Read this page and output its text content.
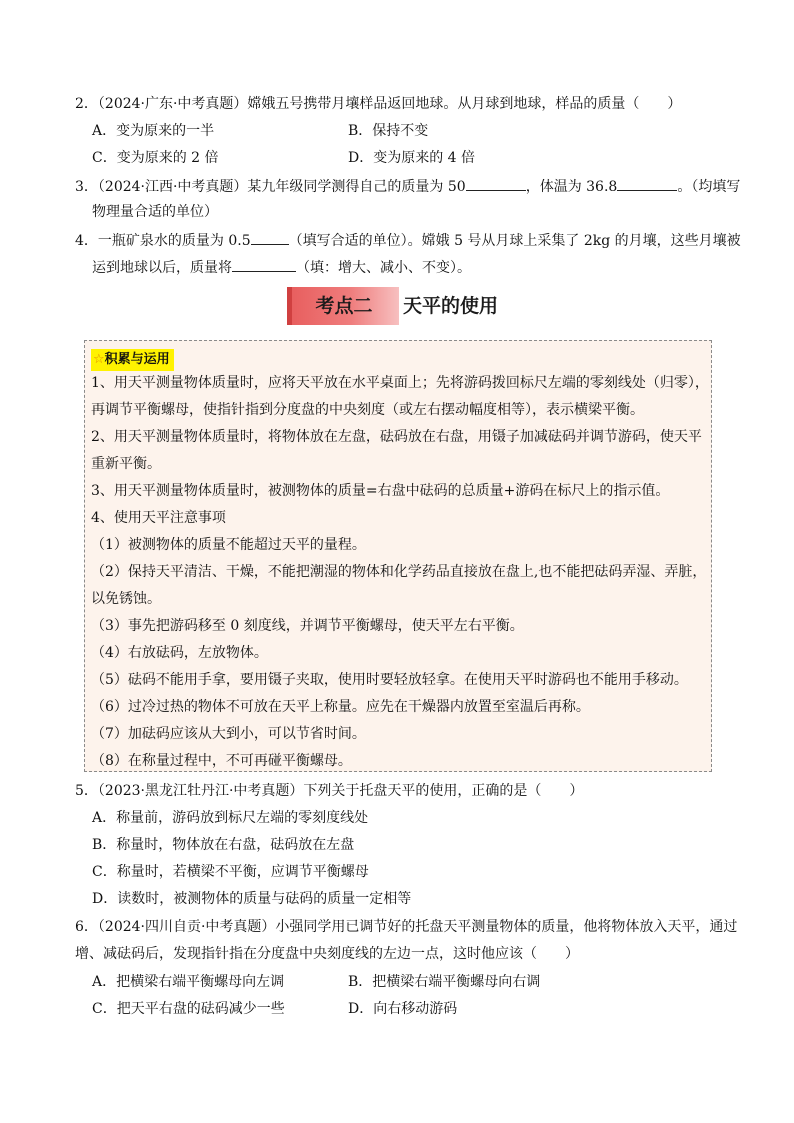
2．（2024·广东·中考真题）嫦娥五号携带月壤样品返回地球。从月球到地球，样品的质量（　　）
A．变为原来的一半	B．保持不变
C．变为原来的 2 倍	D．变为原来的 4 倍
3．（2024·江西·中考真题）某九年级同学测得自己的质量为 50	，体温为 36.8	。（均填写
物理量合适的单位）
4．一瓶矿泉水的质量为 0.5	（填写合适的单位）。嫦娥 5 号从月球上采集了 2kg 的月壤，这些月壤被
运到地球以后，质量将	（填：增大、减小、不变）。
考点二	天平的使用
☆积累与运用
1、用天平测量物体质量时，应将天平放在水平桌面上；先将游码拨回标尺左端的零刻线处（归零），
再调节平衡螺母，使指针指到分度盘的中央刻度（或左右摆动幅度相等），表示横梁平衡。
2、用天平测量物体质量时，将物体放在左盘，砝码放在右盘，用镊子加减砝码并调节游码，使天平
重新平衡。
3、用天平测量物体质量时，被测物体的质量=右盘中砝码的总质量+游码在标尺上的指示值。
4、使用天平注意事项
（1）被测物体的质量不能超过天平的量程。
（2）保持天平清洁、干燥，不能把潮湿的物体和化学药品直接放在盘上,也不能把砝码弄湿、弄脏，
以免锈蚀。
（3）事先把游码移至 0 刻度线，并调节平衡螺母，使天平左右平衡。
（4）右放砝码，左放物体。
（5）砝码不能用手拿，要用镊子夹取，使用时要轻放轻拿。在使用天平时游码也不能用手移动。
（6）过冷过热的物体不可放在天平上称量。应先在干燥器内放置至室温后再称。
（7）加砝码应该从大到小，可以节省时间。
（8）在称量过程中，不可再碰平衡螺母。
5．（2023·黑龙江牡丹江·中考真题）下列关于托盘天平的使用，正确的是（　　）
A．称量前，游码放到标尺左端的零刻度线处
B．称量时，物体放在右盘，砝码放在左盘
C．称量时，若横梁不平衡，应调节平衡螺母
D．读数时，被测物体的质量与砝码的质量一定相等
6．（2024·四川自贡·中考真题）小强同学用已调节好的托盘天平测量物体的质量，他将物体放入天平，通过
增、减砝码后，发现指针指在分度盘中央刻度线的左边一点，这时他应该（　　）
A．把横梁右端平衡螺母向左调	B．把横梁右端平衡螺母向右调
C．把天平右盘的砝码减少一些	D．向右移动游码
